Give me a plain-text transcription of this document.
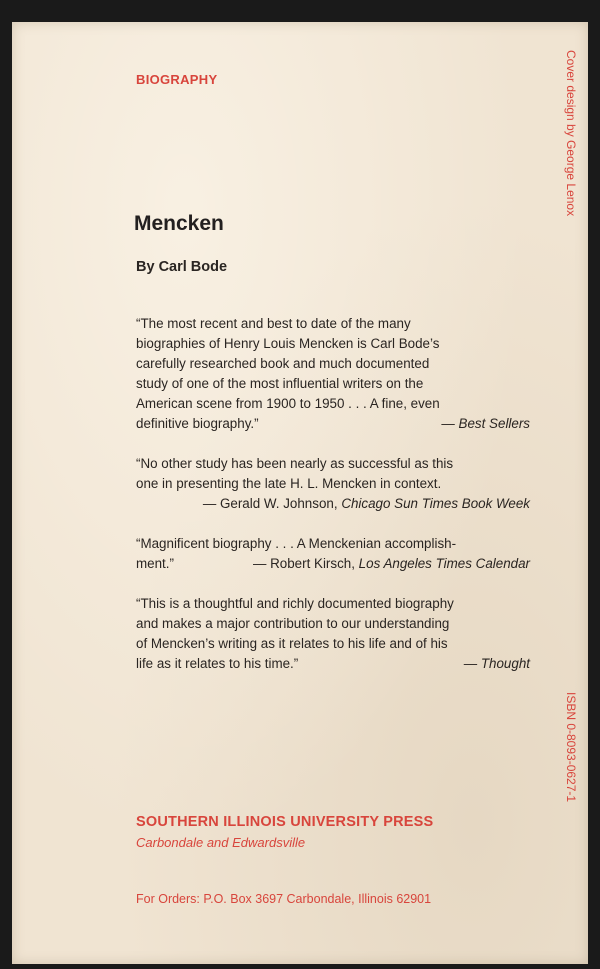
BIOGRAPHY	Cover design by George Lenox
ISBN 0-8093-0627-1
Mencken
By Carl Bode

“The most recent and best to date of the many
biographies of Henry Louis Mencken is Carl Bode’s
carefully researched book and much documented
study of one of the most influential writers on the
American scene from 1900 to 1950 . . . A fine, even
definitive biography.”	— Best Sellers

“No other study has been nearly as successful as this
one in presenting the late H. L. Mencken in context.
— Gerald W. Johnson, Chicago Sun Times Book Week

“Magnificent biography . . . A Menckenian accomplish-
ment.”	— Robert Kirsch, Los Angeles Times Calendar

“This is a thoughtful and richly documented biography
and makes a major contribution to our understanding
of Mencken’s writing as it relates to his life and of his
life as it relates to his time.”	— Thought

SOUTHERN ILLINOIS UNIVERSITY PRESS
Carbondale and Edwardsville
For Orders: P.O. Box 3697 Carbondale, Illinois 62901
